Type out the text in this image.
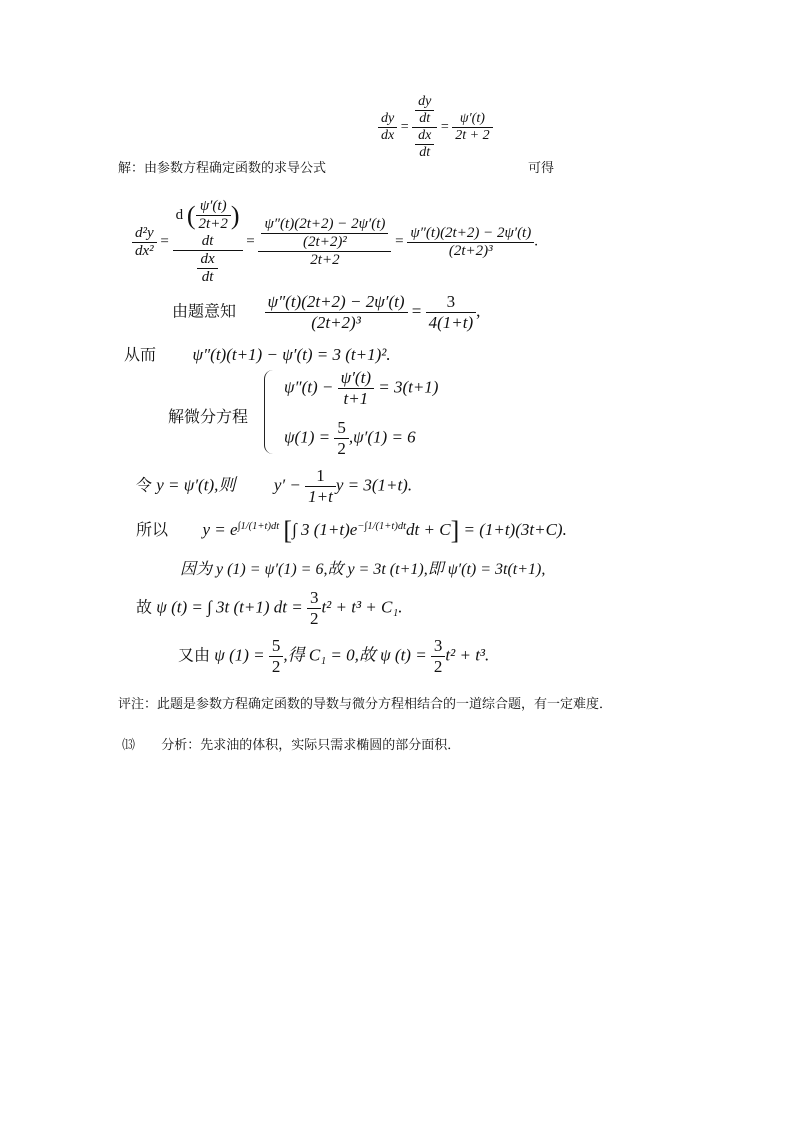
解：由参数方程确定函数的求导公式	可得
$\frac{dy}{dx} = \frac{\frac{dy}{dt}}{\frac{dx}{dt}} = \frac{\psi'(t)}{2t + 2}$
$\frac{\text{d²y}}{\text{dx²}}$ =
d ( $\frac{\psi'(t)}{2t+2}$ )
dt
$\frac{dx}{dt}$
= $\frac{\frac{\psi''(t)(2t+2) - 2\psi'(t)}{\text{(2t+2)²}}}{2t+2} = \frac{\psi''(t)(2t+2) - 2\psi'(t)}{\text{(2t+2)³}}$ .
由题意知 $\frac{\psi''(t)(2t+2) - 2\psi'(t)}{\text{(2t+2)³}} = \frac{3}{4(1+t)}$ ,
从而 ψ″(t)(t+1) − ψ′(t) = 3 (t+1)².
解微分方程
$\psi''(t) - \frac{\psi'(t)}{t+1} = 3(t+1)$
$\psi(1) = \frac{5}{2} ,\psi'(1) = 6$
令 y = ψ′(t),则 $y' - \frac{1}{1+t}$ y = 3(1+t).
所以 $y = e^{\int 1/(1+t)dt}$ [∫ 3 $(1+t)e^{-\int 1/(1+t)dt}dt + C] = (1+t)(3t+C)$.
因为 y (1) = ψ′(1) = 6,故 y = 3t (t+1),即 ψ′(t) = 3t(t+1),
故 ψ (t) = ∫ 3t (t+1) dt = $\frac{3}{2} t^2 + t^3 + C_1$.
又由 ψ $(1) = \frac{5}{2}$ ,得 C₁ = 0,故 ψ $(t) = \frac{3}{2} t^2 + t^3$.
评注：此题是参数方程确定函数的导数与微分方程相结合的一道综合题，有一定难度．
⒀ 分析：先求油的体积，实际只需求椭圆的部分面积．
